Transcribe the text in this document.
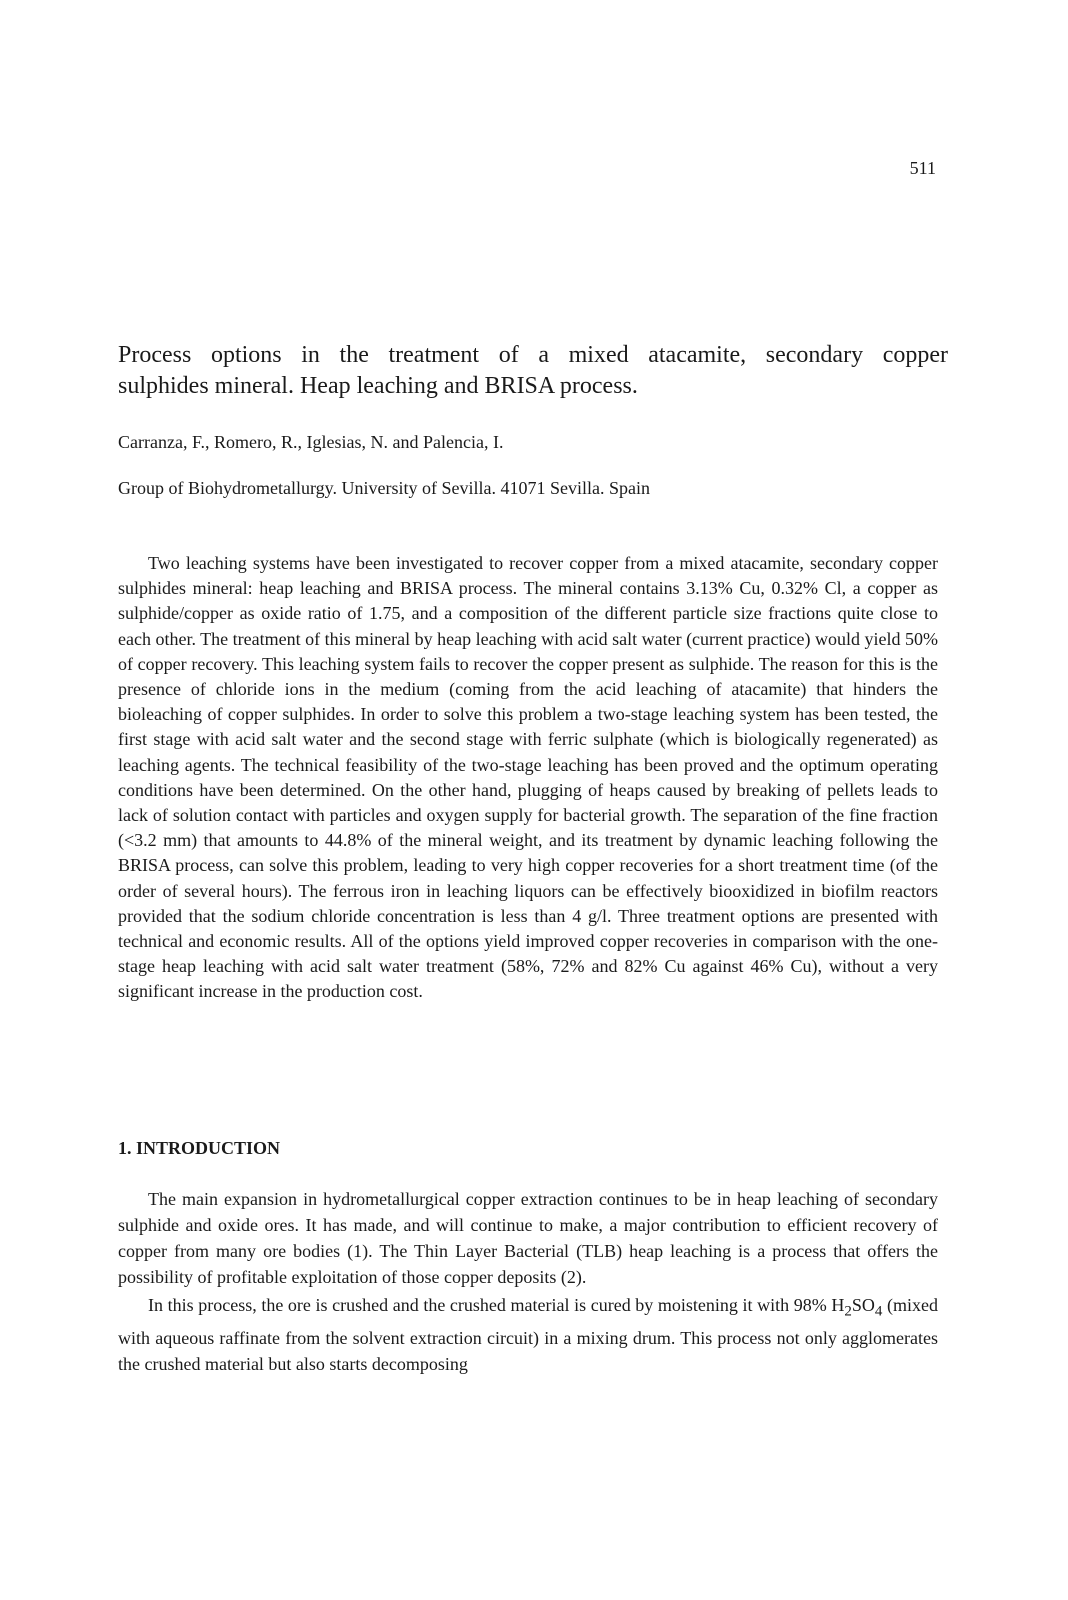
511
Process options in the treatment of a mixed atacamite, secondary copper
sulphides mineral. Heap leaching and BRISA process.
Carranza, F., Romero, R., Iglesias, N. and Palencia, I.
Group of Biohydrometallurgy. University of Sevilla. 41071 Sevilla. Spain

Two leaching systems have been investigated to recover copper from a mixed atacamite, secondary copper sulphides mineral: heap leaching and BRISA process. The mineral contains 3.13% Cu, 0.32% Cl, a copper as sulphide/copper as oxide ratio of 1.75, and a composition of the different particle size fractions quite close to each other. The treatment of this mineral by heap leaching with acid salt water (current practice) would yield 50% of copper recovery. This leaching system fails to recover the copper present as sulphide. The reason for this is the presence of chloride ions in the medium (coming from the acid leaching of atacamite) that hinders the bioleaching of copper sulphides. In order to solve this problem a two-stage leaching system has been tested, the first stage with acid salt water and the second stage with ferric sulphate (which is biologically regenerated) as leaching agents. The technical feasibility of the two-stage leaching has been proved and the optimum operating conditions have been determined. On the other hand, plugging of heaps caused by breaking of pellets leads to lack of solution contact with particles and oxygen supply for bacterial growth. The separation of the fine fraction (<3.2 mm) that amounts to 44.8% of the mineral weight, and its treatment by dynamic leaching following the BRISA process, can solve this problem, leading to very high copper recoveries for a short treatment time (of the order of several hours). The ferrous iron in leaching liquors can be effectively biooxidized in biofilm reactors provided that the sodium chloride concentration is less than 4 g/l. Three treatment options are presented with technical and economic results. All of the options yield improved copper recoveries in comparison with the one-stage heap leaching with acid salt water treatment (58%, 72% and 82% Cu against 46% Cu), without a very significant increase in the production cost.

1. INTRODUCTION

The main expansion in hydrometallurgical copper extraction continues to be in heap leaching of secondary sulphide and oxide ores. It has made, and will continue to make, a major contribution to efficient recovery of copper from many ore bodies (1). The Thin Layer Bacterial (TLB) heap leaching is a process that offers the possibility of profitable exploitation of those copper deposits (2).

In this process, the ore is crushed and the crushed material is cured by moistening it with 98% $H_2SO_4$ (mixed with aqueous raffinate from the solvent extraction circuit) in a mixing drum. This process not only agglomerates the crushed material but also starts decomposing
